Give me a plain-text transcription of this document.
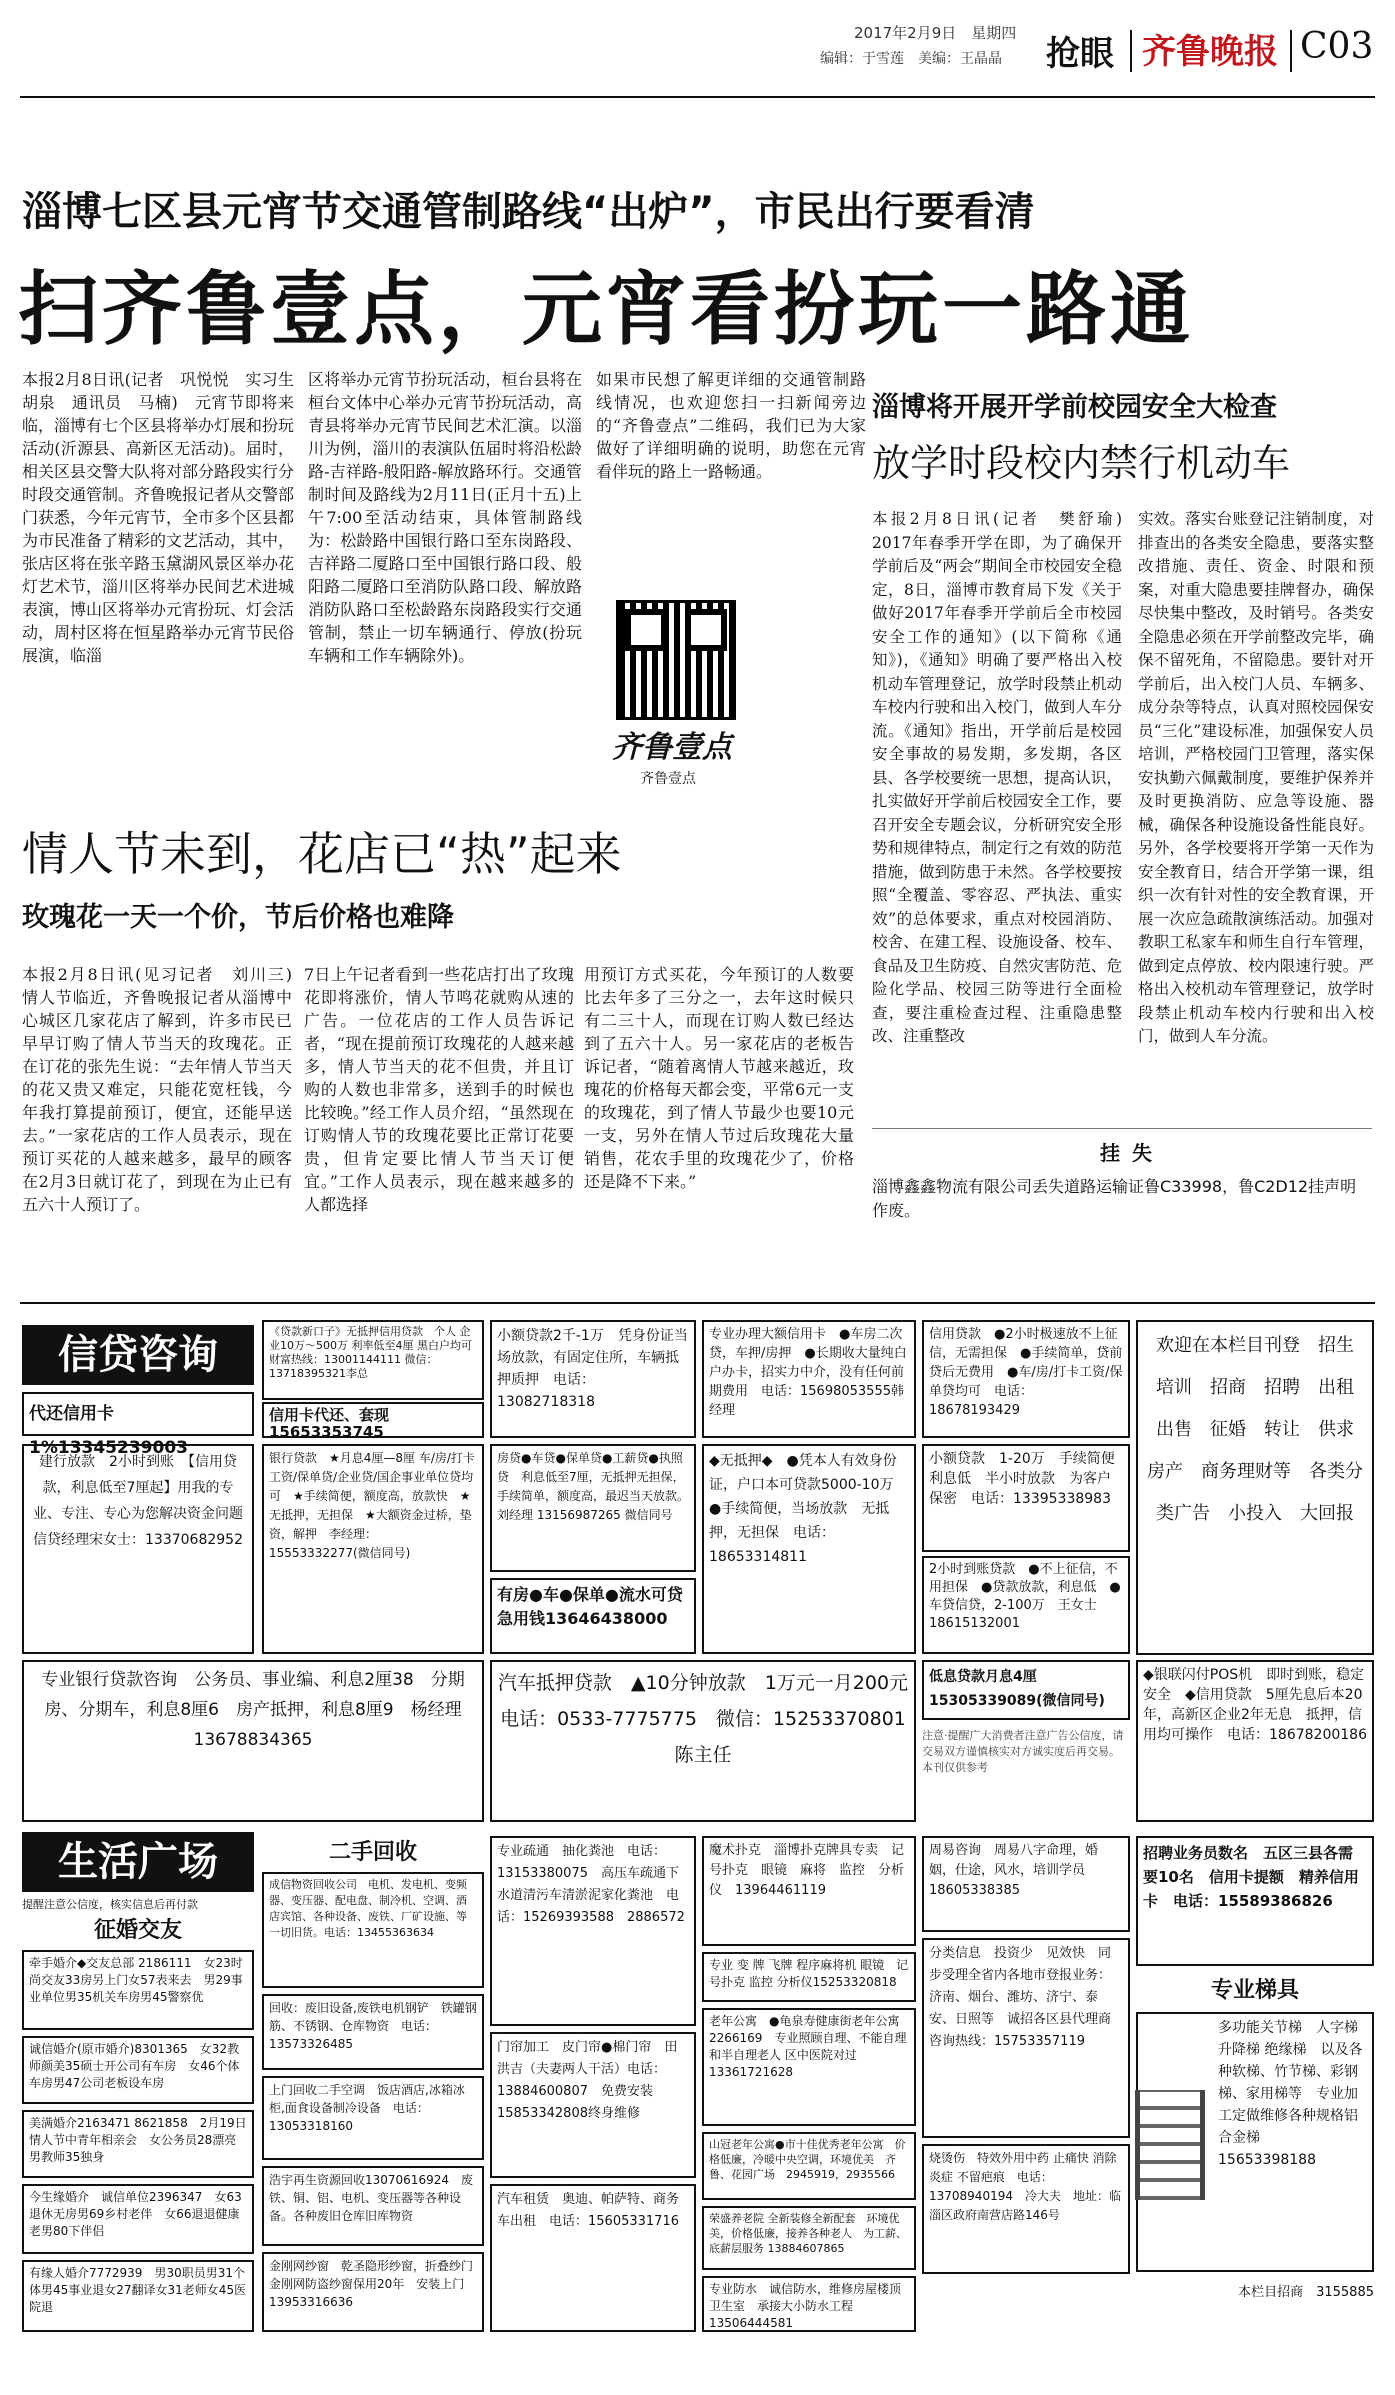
2017年2月9日　星期四
编辑：于雪莲　美编：王晶晶 抢眼 齐鲁晚报 C03
淄博七区县元宵节交通管制路线“出炉”，市民出行要看清
扫齐鲁壹点，元宵看扮玩一路通
本报2月8日讯(记者　巩悦悦　实习生　胡泉　通讯员　马楠)　元宵节即将来临，淄博有七个区县将举办灯展和扮玩活动(沂源县、高新区无活动)。届时，相关区县交警大队将对部分路段实行分时段交通管制。齐鲁晚报记者从交警部门获悉，今年元宵节，全市多个区县都为市民准备了精彩的文艺活动，其中，张店区将在张辛路玉黛湖风景区举办花灯艺术节，淄川区将举办民间艺术进城表演，博山区将举办元宵扮玩、灯会活动，周村区将在恒星路举办元宵节民俗展演，临淄
区将举办元宵节扮玩活动，桓台县将在桓台文体中心举办元宵节扮玩活动，高青县将举办元宵节民间艺术汇演。以淄川为例，淄川的表演队伍届时将沿松龄路-吉祥路-般阳路-解放路环行。交通管制时间及路线为2月11日(正月十五)上午7:00至活动结束，具体管制路线为：松龄路中国银行路口至东岗路段、吉祥路二厦路口至中国银行路口段、般阳路二厦路口至消防队路口段、解放路消防队路口至松龄路东岗路段实行交通管制，禁止一切车辆通行、停放(扮玩车辆和工作车辆除外)。
如果市民想了解更详细的交通管制路线情况，也欢迎您扫一扫新闻旁边的“齐鲁壹点”二维码，我们已为大家做好了详细明确的说明，助您在元宵看伴玩的路上一路畅通。
齐鲁壹点
齐鲁壹点
淄博将开展开学前校园安全大检查
放学时段校内禁行机动车
本报2月8日讯(记者　樊舒瑜)　2017年春季开学在即，为了确保开学前后及“两会”期间全市校园安全稳定，8日，淄博市教育局下发《关于做好2017年春季开学前后全市校园安全工作的通知》(以下简称《通知》)，《通知》明确了要严格出入校机动车管理登记，放学时段禁止机动车校内行驶和出入校门，做到人车分流。《通知》指出，开学前后是校园安全事故的易发期，多发期，各区县、各学校要统一思想，提高认识，扎实做好开学前后校园安全工作，要召开安全专题会议，分析研究安全形势和规律特点，制定行之有效的防范措施，做到防患于未然。各学校要按照“全覆盖、零容忍、严执法、重实效”的总体要求，重点对校园消防、校舍、在建工程、设施设备、校车、食品及卫生防疫、自然灾害防范、危险化学品、校园三防等进行全面检查，要注重检查过程、注重隐患整改、注重整改
实效。落实台账登记注销制度，对排查出的各类安全隐患，要落实整改措施、责任、资金、时限和预案，对重大隐患要挂牌督办，确保尽快集中整改，及时销号。各类安全隐患必须在开学前整改完毕，确保不留死角，不留隐患。要针对开学前后，出入校门人员、车辆多、成分杂等特点，认真对照校园保安员“三化”建设标准，加强保安人员培训，严格校园门卫管理，落实保安执勤六佩戴制度，要维护保养并及时更换消防、应急等设施、器械，确保各种设施设备性能良好。另外，各学校要将开学第一天作为安全教育日，结合开学第一课，组织一次有针对性的安全教育课，开展一次应急疏散演练活动。加强对教职工私家车和师生自行车管理，做到定点停放、校内限速行驶。严格出入校机动车管理登记，放学时段禁止机动车校内行驶和出入校门，做到人车分流。
挂失
淄博鑫鑫物流有限公司丢失道路运输证鲁C33998，鲁C2D12挂声明作废。
情人节未到，花店已“热”起来
玫瑰花一天一个价，节后价格也难降
本报2月8日讯(见习记者　刘川三)　情人节临近，齐鲁晚报记者从淄博中心城区几家花店了解到，许多市民已早早订购了情人节当天的玫瑰花。正在订花的张先生说：“去年情人节当天的花又贵又难定，只能花宽枉钱，今年我打算提前预订，便宜，还能早送去。”一家花店的工作人员表示，现在预订买花的人越来越多，最早的顾客在2月3日就订花了，到现在为止已有五六十人预订了。
7日上午记者看到一些花店打出了玫瑰花即将涨价，情人节鸣花就购从速的广告。一位花店的工作人员告诉记者，“现在提前预订玫瑰花的人越来越多，情人节当天的花不但贵，并且订购的人数也非常多，送到手的时候也比较晚。”经工作人员介绍，“虽然现在订购情人节的玫瑰花要比正常订花要贵，但肯定要比情人节当天订便宜。”工作人员表示，现在越来越多的人都选择
用预订方式买花，今年预订的人数要比去年多了三分之一，去年这时候只有二三十人，而现在订购人数已经达到了五六十人。另一家花店的老板告诉记者，“随着离情人节越来越近，玫瑰花的价格每天都会变，平常6元一支的玫瑰花，到了情人节最少也要10元一支，另外在情人节过后玫瑰花大量销售，花农手里的玫瑰花少了，价格还是降不下来。”
信贷咨询
代还信用卡1%13345239003
《贷款新口子》无抵押信用贷款　个人 企业10万～500万 利率低至4厘 黑白户均可 财富热线：13001144111 微信：13718395321李总
信用卡代还、套现15653353745
小额贷款2千-1万　凭身份证当场放款，有固定住所，车辆抵押质押　电话：13082718318
专业办理大额信用卡　●车房二次贷，车押/房押　●长期收大量纯白户办卡，招实力中介，没有任何前期费用　电话：15698053555韩经理
信用贷款　●2小时极速放不上征信，无需担保　●手续简单，贷前贷后无费用　●车/房/打卡工资/保单贷均可　电话：18678193429
欢迎在本栏目刊登　招生　培训　招商　招聘　出租　出售　征婚　转让　供求　房产　商务理财等　各类分类广告　小投入　大回报
建行放款　2小时到账　【信用贷款，利息低至7厘起】用我的专业、专注、专心为您解决资金问题　信贷经理宋女士：13370682952
银行贷款　★月息4厘—8厘 车/房/打卡工资/保单贷/企业贷/国企事业单位贷均可　★手续简便，额度高，放款快　★无抵押，无担保　★大额资金过桥，垫资，解押　李经理：15553332277(微信同号)
房贷●车贷●保单贷●工薪贷●执照贷　利息低至7厘，无抵押无担保，手续简单，额度高，最迟当天放款。刘经理 13156987265 微信同号
◆无抵押◆　●凭本人有效身份证，户口本可贷款5000-10万　●手续简便，当场放款　无抵押，无担保　电话：18653314811
小额贷款　1-20万　手续简便　利息低　半小时放款　为客户保密　电话：13395338983
有房●车●保单●流水可贷　急用钱13646438000
2小时到账贷款　●不上征信，不用担保　●贷款放款，利息低　●车贷信贷，2-100万　王女士　18615132001
专业银行贷款咨询　公务员、事业编、利息2厘38　分期房、分期车，利息8厘6　房产抵押，利息8厘9　杨经理　13678834365
汽车抵押贷款　▲10分钟放款　1万元一月200元　电话：0533-7775775　微信：15253370801陈主任
低息贷款月息4厘　15305339089(微信同号)
注意·提醒广大消费者注意广告公信度，请交易双方谨慎核实对方诚实度后再交易。本刊仅供参考
◆银联闪付POS机　即时到账，稳定安全　◆信用贷款　5厘先息后本20年，高新区企业2年无息　抵押，信用均可操作　电话：18678200186
生活广场
提醒注意公信度，核实信息后再付款
征婚交友
牵手婚介◆交友总部 2186111　女23时尚交友33房另上门女57表来去　男29事业单位男35机关车房男45警察优
诚信婚介(原市婚介)8301365　女32教师颜美35硕士开公司有车房　女46个体车房男47公司老板设车房
美满婚介2163471 8621858　2月19日情人节中青年相亲会　女公务员28漂亮男教师35独身
今生缘婚介　诚信单位2396347　女63退休无房男69乡村老伴　女66退退健康老男80下伴侣
有缘人婚介7772939　男30职员男31个体男45事业退女27翻译女31老师女45医院退
二手回收
成信物资回收公司　电机、发电机、变频器、变压器、配电盘、制冷机、空调、酒店宾馆、各种设备、废铁、厂矿设施、等一切旧货。电话：13455363634
回收：废旧设备,废铁电机钢铲　铁罐钢筋、不锈钢、仓库物资　电话：13573326485
上门回收二手空调　饭店酒店,冰箱冰柜,面食设备制冷设备　电话：13053318160
浩宇再生资源回收13070616924　废铁、铜、铝、电机、变压器等各种设备。各种废旧仓库旧库物资
金刚网纱窗　乾圣隐形纱窗，折叠纱门　金刚网防盗纱窗保用20年　安装上门　13953316636
专业疏通　抽化粪池　电话：13153380075　高压车疏通下水道清污车清淤泥家化粪池　电话：15269393588　2886572
门帘加工　皮门帘●棉门帘　田洪吉（夫妻两人干活）电话：13884600807　免费安装15853342808终身维修
汽车租赁　奥迪、帕萨特、商务车出租　电话：15605331716
魔术扑克　淄博扑克牌具专卖　记号扑克　眼镜　麻将　监控　分析仪　13964461119
专业 变 牌 飞牌 程序麻将机 眼镜　记号扑克 监控 分析仪15253320818
老年公寓　●龟泉寿健康街老年公寓 2266169　专业照顾自理、不能自理和半自理老人 区中医院对过　13361721628
山冠老年公寓●市十佳优秀老年公寓　价格低廉，冷暖中央空调，环境优美　齐鲁、花园广场　2945919，2935566
荣盛养老院 全新装修全新配套　环境优美，价格低廉，接养各种老人　为工薪、底薪层服务 13884607865
专业防水　诚信防水，维修房屋楼顶卫生室　承接大小防水工程13506444581
周易咨询　周易八字命理，婚姻，仕途，风水，培训学员　18605338385
分类信息　投资少　见效快　同步受理全省内各地市登报业务：济南、烟台、潍坊、济宁、泰安、日照等　诚招各区县代理商　咨询热线：15753357119
烧烫伤　特效外用中药 止痛快 消除炎症 不留疤痕　电话：13708940194　冷大夫　地址：临淄区政府南营店路146号
招聘业务员数名　五区三县各需要10名　信用卡提额　精养信用卡　电话：15589386826
专业梯具
多功能关节梯　人字梯 升降梯 绝缘梯　以及各种软梯、竹节梯、彩钢梯、家用梯等　专业加工定做维修各种规格铝合金梯　15653398188
本栏目招商　3155885
